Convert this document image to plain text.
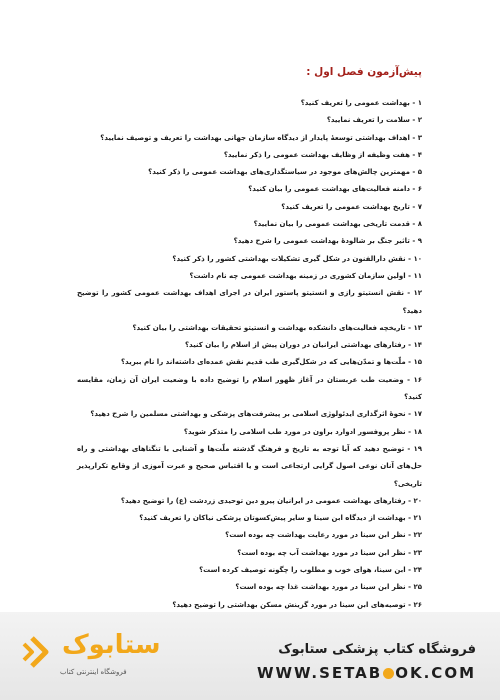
پیش‌آزمون فصل اول :
۱ - بهداشت عمومی را تعریف کنید؟
۲ - سلامت را تعریف نمایید؟
۳ - اهداف بهداشتی توسعهٔ پایدار از دیدگاه سازمان جهانی بهداشت را تعریف و توصیف نمایید؟
۴ - هفت وظیفه از وظایف بهداشت عمومی را ذکر نمایید؟
۵ - مهمترین چالش‌های موجود در سیاستگذاری‌های بهداشت عمومی را ذکر کنید؟
۶ - دامنه فعالیت‌های بهداشت عمومی را بیان کنید؟
۷ - تاریخ بهداشت عمومی را تعریف کنید؟
۸ - قدمت تاریخی بهداشت عمومی را بیان نمایید؟
۹ - تاثیر جنگ بر شالودهٔ بهداشت عمومی را شرح دهید؟
۱۰ - نقش دارالفنون در شکل گیری تشکیلات بهداشتی کشور را ذکر کنید؟
۱۱ - اولین سازمان کشوری در زمینه بهداشت عمومی چه نام داشت؟
۱۲ - نقش انستیتو رازی و انستیتو پاستور ایران در اجرای اهداف بهداشت عمومی کشور را توضیح دهید؟
۱۳ - تاریخچه فعالیت‌های دانشکده بهداشت و انستیتو تحقیقات بهداشتی را بیان کنید؟
۱۴ - رفتارهای بهداشتی ایرانیان در دوران پیش از اسلام را بیان کنید؟
۱۵ - ملّت‌ها و تمدّن‌هایی که در شکل‌گیری طب قدیم نقش عمده‌ای داشته‌اند را نام ببرید؟
۱۶ - وضعیت طب عربستان در آغاز ظهور اسلام را توضیح داده با وضعیت ایران آن زمان، مقایسه کنید؟
۱۷ - نحوهٔ اثرگذاری ایدئولوژی اسلامی بر پیشرفت‌های پزشکی و بهداشتی مسلمین را شرح دهید؟
۱۸ - نظر پروفسور ادوارد براون در مورد طب اسلامی را متذکر شوید؟
۱۹ - توضیح دهید که آیا توجه به تاریخ و فرهنگ گذشته ملّت‌ها و آشنایی با تنگناهای بهداشتی و راه حل‌های آنان نوعی اصول گرایی ارتجاعی است و یا اقتباس صحیح و عبرت آموزی از وقایع تکرارپذیر تاریخی؟
۲۰ - رفتارهای بهداشت عمومی در ایرانیان پیرو دین توحیدی زردشت (ع) را توضیح دهید؟
۲۱ - بهداشت از دیدگاه ابن سینا و سایر پیش‌کسوتان پزشکی نیاکان را تعریف کنید؟
۲۲ - نظر ابن سینا در مورد رعایت بهداشت چه بوده است؟
۲۳ - نظر ابن سینا در مورد بهداشت آب چه بوده است؟
۲۴ - ابن سینا، هوای خوب و مطلوب را چگونه توصیف کرده است؟
۲۵ - نظر ابن سینا در مورد بهداشت غذا چه بوده است؟
۲۶ - توصیه‌های ابن سینا در مورد گزینش مسکن بهداشتی را توضیح دهید؟
فروشگاه کتاب پزشکی ستابوک
WWW.SETAB OK.COM
ستابوک
فروشگاه اینترنتی کتاب
